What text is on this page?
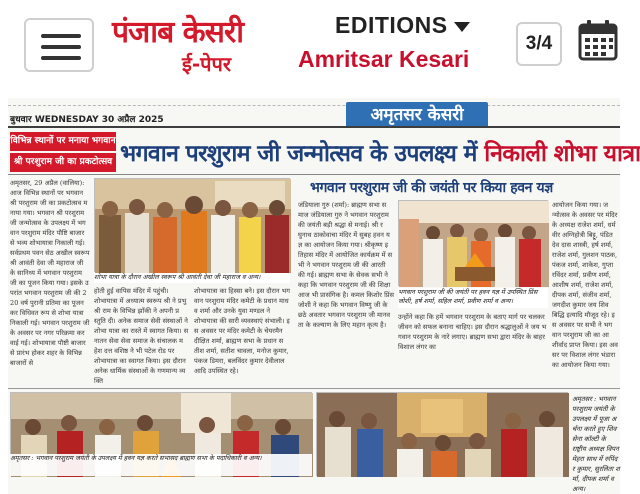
पंजाब केसरी
ई-पेपर
EDITIONS
Amritsar Kesari
3/4
अमृतसर केसरी
बुधवार WEDNESDAY 30 अप्रैल 2025
विभिन्न स्थानों पर मनाया भगवान
श्री परशुराम जी का प्रकटोत्सव भगवान परशुराम जी जन्मोत्सव के उपलक्ष्य में निकाली शोभा यात्रा
अमृतसर, 29 अप्रैल (वालिया): आज विभिन्न स्थानों पर भगवान श्री परशुराम जी का प्रकटोत्सव मनाया गया। भगवान श्री परशुराम जी जन्मोत्सव के उपलक्ष्य में भगवान परशुराम मंदिर पौष्टि बाजार से भव्य शोभायात्रा निकाली गई। सर्वप्रथम पवन सेठ अखील स्वरूप श्री आवंती देवा जी महाराज जी के सानिध्य में भगवान परशुराम जी का पूजन किया गया। इसके उपरांत भगवान परशुराम जी की 220 वर्ष पुरानी प्रतिमा का पूजन कर विधिवत रूप से शोभा यात्रा निकाली गई। भगवान परशुराम जी के अवसर पर नगर परिक्रमा करवाई गई। शोभायात्रा पौष्टी बाजार से प्रारंभ होकर शहर के विभिन्न बाजारों से
शोभा यात्रा के दौरान अखील स्वरूप श्री आवंती देवा जी महाराज व अन्य।
होती हुई वापिस मंदिर में पहुंची। शोभायात्रा में अध्यात्म स्वरूप श्री ने प्रभु श्री राम के विभिन्न झाँकी ने अपनी प्रस्तुति दी। अनेक समाज सेवी संस्थाओं ने शोभा यात्रा का रास्ते में स्वागत किया। सनातन सेवा सेवा समाज के संचालक महेश दत्त वशिष्ठ ने भी पटेल रोड पर शोभायात्रा का स्वागत किया। इस दौरान अनेक धार्मिक संस्थाओं के गणमान्य व्यक्ति
शोभायात्रा का हिस्सा बने। इस दौरान भगवान परशुराम मंदिर कमेटी के प्रधान माधव शर्मा और उनके युवा मण्डल ने शोभायात्रा की सारी व्यवस्थाएं संभाली। इस अवसर पर मंदिर कमेटी के चेयरमैन दीक्षित शर्मा, ब्राह्मण सभा के प्रधान सतीश शर्मा, सतीश चावला, मनोज कुमार, पंकज डिमरा, बलविंदर कुमार देवीलाल आदि उपस्थित रहे।
भगवान परशुराम जी की जयंती पर किया हवन यज्ञ
जंडियाला गुरु (शर्मा): ब्राह्मण सभा समाज जंडियाला गुरु ने भगवान परशुराम की जयंती बड़ी श्रद्धा से मनाई। श्री रघुनाथ ठाकोवाचा मंदिर में सुबह हवन यज्ञ का आयोजन किया गया। श्रीकृष्ण इतिहास मंदिर में आयोजित कार्यक्रम में सभी ने भगवान परशुराम जी की आरती की गई। ब्राह्मण सभा के सेवक सभी ने कहा कि भगवान परशुराम जी की शिक्षा आज भी प्रासंगिक है। कमल किशोर प्रिंस जोशी ने कहा कि भगवान विष्णु जी के छठे अवतार भगवान परशुराम जी मानवता के कल्याण के लिए महान कृत्य है।
भगवान परशुराम जी की जयंती पर हवन यज्ञ में उपस्थित प्रिंस जोशी, हर्ष शर्मा, सहिल शर्मा, प्रवीण शर्मा व अन्य।
उन्होंने कहा कि हमें भगवान परशुराम के बताए मार्ग पर चलकर जीवन को सफल बनाना चाहिए। इस दौरान श्रद्धालुओं ने जय भगवान परशुराम के नारे लगाए। ब्राह्मण सभा द्वारा मंदिर के बाहर विशाल लंगर का
आयोजन किया गया। जन्मोत्सव के अवसर पर मंदिर के अध्यक्ष राजेश शर्मा, धर्मवीर अग्निहोत्री बिट्टू, पंडित देव दास शास्त्री, हर्ष शर्मा, राजेश शर्मा, गुलशन पाठक, पंकज शर्मा, शाकेश, गुप्ता रविंदर शर्मा, प्रवीण शर्मा, आशीष शर्मा, राजेश शर्मा, दीपक शर्मा, संजीव शर्मा, जगदीश कुमार जय शिवबिद्धि इत्यादि मौजूद रहे। इस अवसर पर सभी ने भगवान परशुराम जी का आशीर्वाद प्राप्त किया। इस अवसर पर विशाल लंगर भंडारा का आयोजन किया गया।
अमृतसर : भगवान परशुराम जयंती के उपलक्ष्य में हवन यज्ञ करते सभासद ब्राह्मण सभा के पदाधिकारी व अन्य।
अमृतसर : भगवान परशुराम जयंती के उपलक्ष्य में पूजा अर्चना करते हुए शिव सेना कॉल्टी के राष्ट्रीय अध्यक्ष विपन मेहरा साथ में रुपिंदर कुमार, सुरलिता शर्मा, दीपक शर्मा व अन्य।
